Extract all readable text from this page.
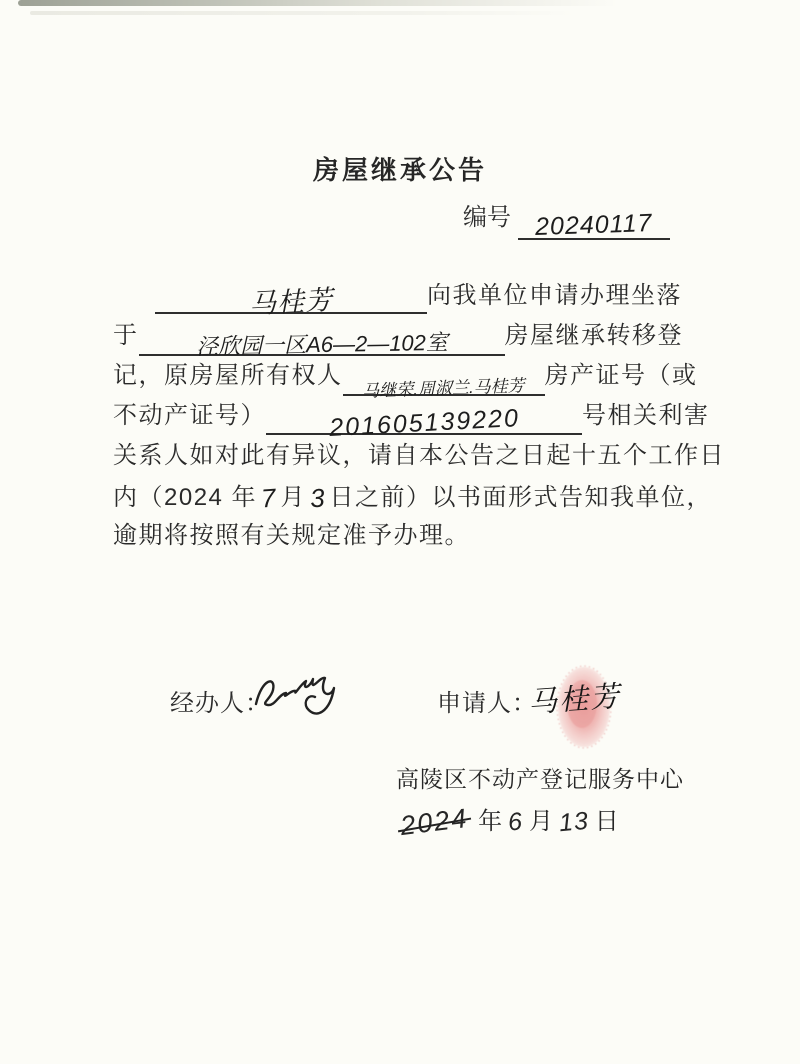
房屋继承公告
编号 20240117
马桂芳	向我单位申请办理坐落
于	泾欣园一区A6—2—102室 房屋继承转移登
记，原房屋所有权人 马继荣.周淑兰.马桂芳 房产证号（或
不动产证号） 201605139220	号相关利害
关系人如对此有异议，请自本公告之日起十五个工作日
内（2024 年 7 月 3 日之前）以书面形式告知我单位，
逾期将按照有关规定准予办理。
经办人：	申请人：
马桂芳
高陵区不动产登记服务中心
2024 年 6 月 13 日
